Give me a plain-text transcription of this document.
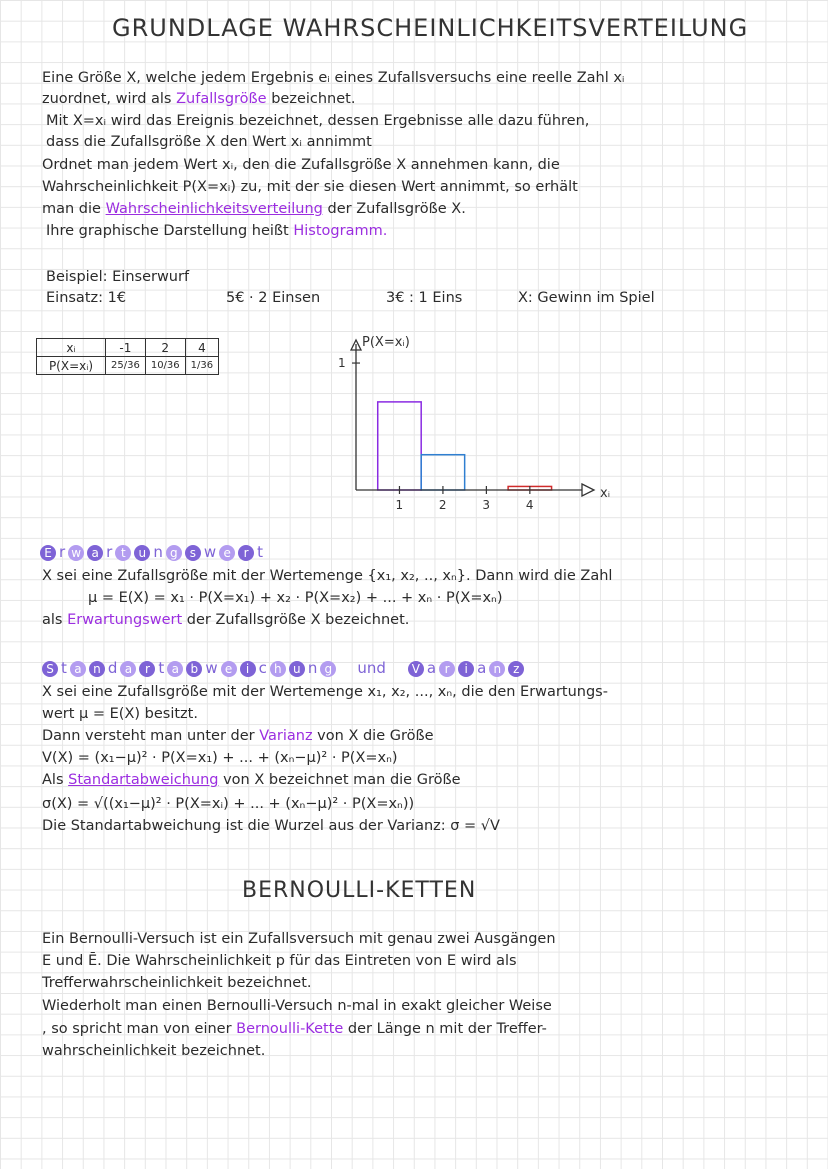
GRUNDLAGE WAHRSCHEINLICHKEITSVERTEILUNG
Eine Größe X, welche jedem Ergebnis eᵢ eines Zufallsversuchs eine reelle Zahl xᵢ
zuordnet, wird als Zufallsgröße bezeichnet.
Mit X=xᵢ wird das Ereignis bezeichnet, dessen Ergebnisse alle dazu führen,
dass die Zufallsgröße X den Wert xᵢ annimmt
Ordnet man jedem Wert xᵢ, den die Zufallsgröße X annehmen kann, die
Wahrscheinlichkeit P(X=xᵢ) zu, mit der sie diesen Wert annimmt, so erhält
man die Wahrscheinlichkeitsverteilung der Zufallsgröße X.
Ihre graphische Darstellung heißt Histogramm.
Beispiel: Einserwurf
Einsatz: 1€	5€ · 2 Einsen	3€ : 1 Eins	X: Gewinn im Spiel
xᵢ	-1	2	4
P(X=xᵢ)	25/36	10/36	1/36
1	2	3	4
1
P(X=xᵢ)
xᵢ
E r w a r t u n g s w e r t
X sei eine Zufallsgröße mit der Wertemenge {x₁, x₂, .., xₙ}. Dann wird die Zahl
μ = E(X) = x₁ · P(X=x₁) + x₂ · P(X=x₂) + ... + xₙ · P(X=xₙ)
als Erwartungswert der Zufallsgröße X bezeichnet.
S t a n d a r t a b w e i c h u n g und V a r i a n z
X sei eine Zufallsgröße mit der Wertemenge x₁, x₂, ..., xₙ, die den Erwartungs-
wert μ = E(X) besitzt.
Dann versteht man unter der Varianz von X die Größe
V(X) = (x₁−μ)² · P(X=x₁) + ... + (xₙ−μ)² · P(X=xₙ)
Als Standartabweichung von X bezeichnet man die Größe
σ(X) = √((x₁−μ)² · P(X=xᵢ) + ... + (xₙ−μ)² · P(X=xₙ))
Die Standartabweichung ist die Wurzel aus der Varianz: σ = √V
BERNOULLI-KETTEN
Ein Bernoulli-Versuch ist ein Zufallsversuch mit genau zwei Ausgängen
E und Ē. Die Wahrscheinlichkeit p für das Eintreten von E wird als
Trefferwahrscheinlichkeit bezeichnet.
Wiederholt man einen Bernoulli-Versuch n-mal in exakt gleicher Weise
, so spricht man von einer Bernoulli-Kette der Länge n mit der Treffer-
wahrscheinlichkeit bezeichnet.
